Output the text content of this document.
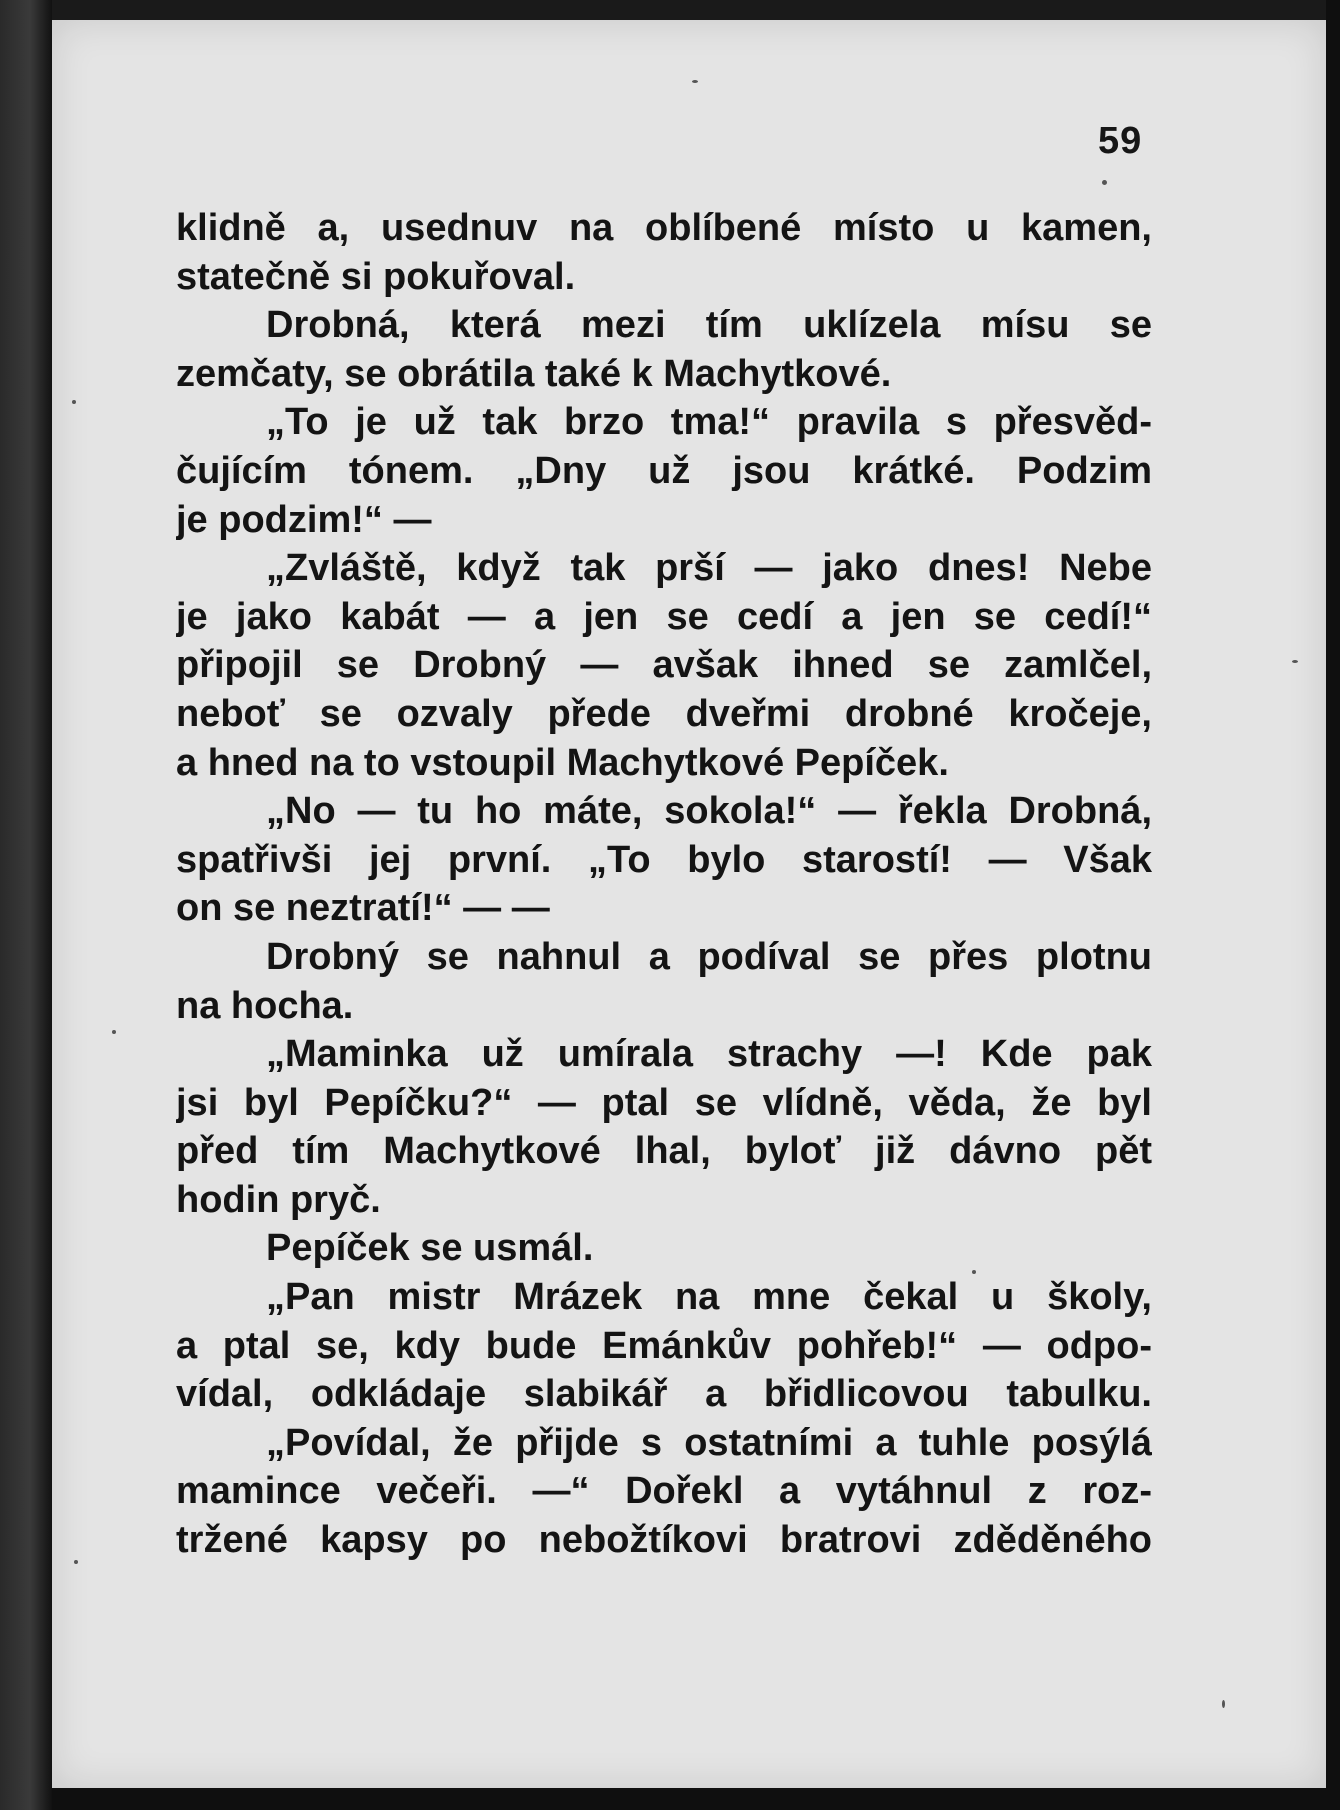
59
klidně a, usednuv na oblíbené místo u kamen,
statečně si pokuřoval.
Drobná, která mezi tím uklízela mísu se
zemčaty, se obrátila také k Machytkové.
„To je už tak brzo tma!“ pravila s přesvěd-
čujícím tónem. „Dny už jsou krátké. Podzim
je podzim!“ —
„Zvláště, když tak prší — jako dnes! Nebe
je jako kabát — a jen se cedí a jen se cedí!“
připojil se Drobný — avšak ihned se zamlčel,
neboť se ozvaly přede dveřmi drobné kročeje,
a hned na to vstoupil Machytkové Pepíček.
„No — tu ho máte, sokola!“ — řekla Drobná,
spatřivši jej první. „To bylo starostí! — Však
on se neztratí!“ — —
Drobný se nahnul a podíval se přes plotnu
na hocha.
„Maminka už umírala strachy —! Kde pak
jsi byl Pepíčku?“ — ptal se vlídně, věda, že byl
před tím Machytkové lhal, byloť již dávno pět
hodin pryč.
Pepíček se usmál.
„Pan mistr Mrázek na mne čekal u školy,
a ptal se, kdy bude Emánkův pohřeb!“ — odpo-
vídal, odkládaje slabikář a břidlicovou tabulku.
„Povídal, že přijde s ostatními a tuhle posýlá
mamince večeři. —“ Dořekl a vytáhnul z roz-
tržené kapsy po nebožtíkovi bratrovi zděděného
